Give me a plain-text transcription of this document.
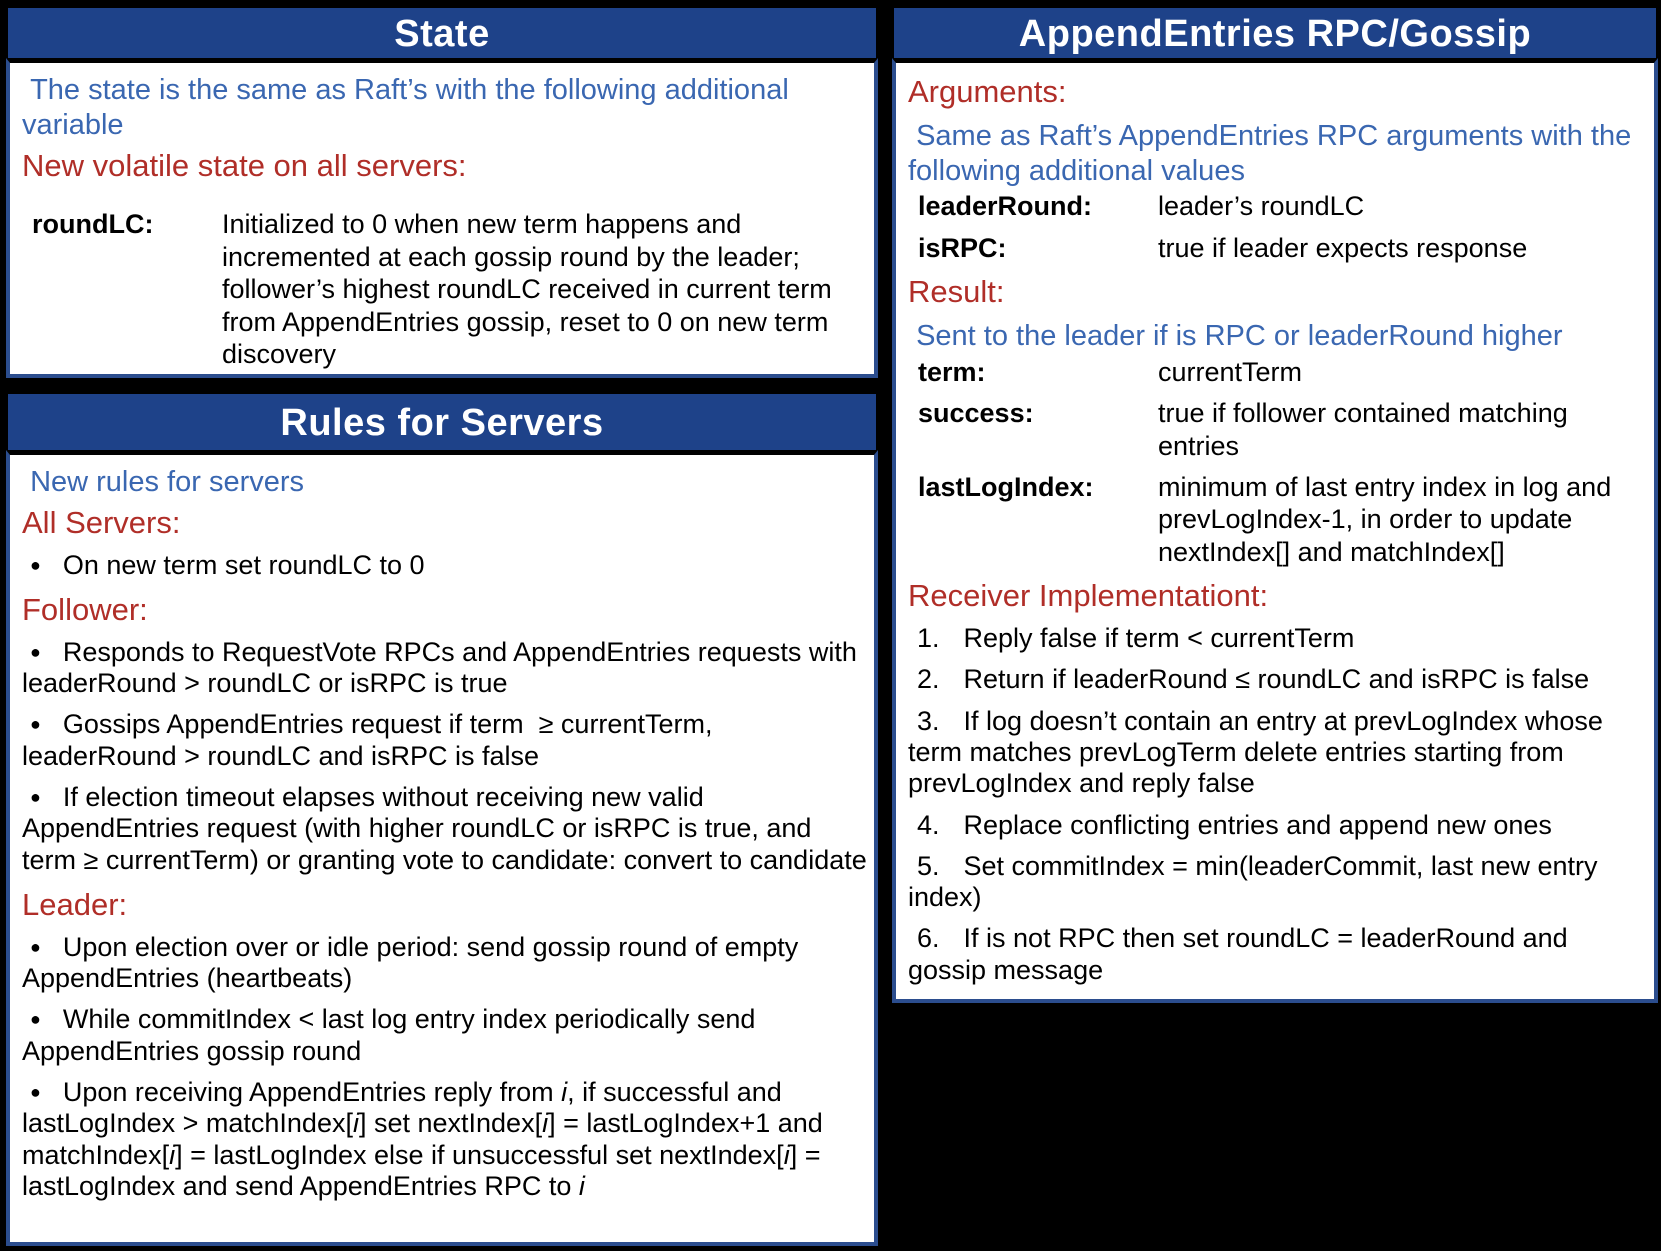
State

The state is the same as Raft’s with the following additional variable

New volatile state on all servers:

roundLC:	Initialized to 0 when new term happens and incremented at each gossip round by the leader; follower’s highest roundLC received in current term from AppendEntries gossip, reset to 0 on new term discovery
Rules for Servers

New rules for servers

All Servers:

● On new term set roundLC to 0

Follower:

● Responds to RequestVote RPCs and AppendEntries requests with leaderRound > roundLC or isRPC is true

● Gossips AppendEntries request if term  ≥ currentTerm, leaderRound > roundLC and isRPC is false

● If election timeout elapses without receiving new valid AppendEntries request (with higher roundLC or isRPC is true, and term ≥ currentTerm) or granting vote to candidate: convert to candidate

Leader:

● Upon election over or idle period: send gossip round of empty AppendEntries (heartbeats)

● While commitIndex < last log entry index periodically send AppendEntries gossip round

● Upon receiving AppendEntries reply from i, if successful and lastLogIndex > matchIndex[i] set nextIndex[i] = lastLogIndex+1 and matchIndex[i] = lastLogIndex else if unsuccessful set nextIndex[i] = lastLogIndex and send AppendEntries RPC to i

AppendEntries RPC/Gossip

Arguments:

Same as Raft’s AppendEntries RPC arguments with the following additional values

leaderRound:	leader’s roundLC
isRPC:	true if leader expects response

Result:

Sent to the leader if is RPC or leaderRound higher

term:	currentTerm
success:	true if follower contained matching entries
lastLogIndex:	minimum of last entry index in log and prevLogIndex-1, in order to update nextIndex[] and matchIndex[]

Receiver Implementationt:

1. Reply false if term < currentTerm

2. Return if leaderRound ≤ roundLC and isRPC is false

3. If log doesn’t contain an entry at prevLogIndex whose term matches prevLogTerm delete entries starting from prevLogIndex and reply false

4. Replace conflicting entries and append new ones

5. Set commitIndex = min(leaderCommit, last new entry index)

6. If is not RPC then set roundLC = leaderRound and gossip message
